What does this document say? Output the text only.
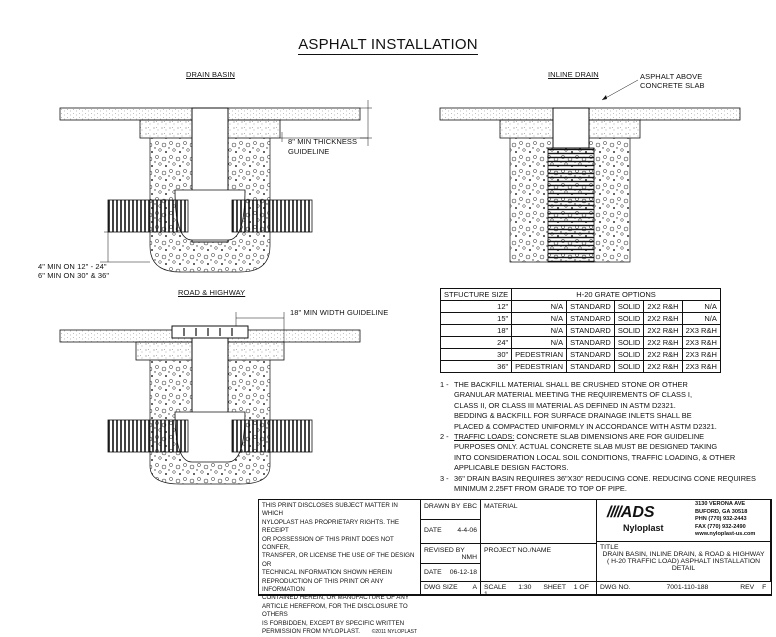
ASPHALT INSTALLATION
DRAIN BASIN
8" MIN THICKNESS
GUIDELINE
4" MIN ON 12" - 24"
6" MIN ON 30" & 36"
INLINE DRAIN	ASPHALT ABOVE
CONCRETE SLAB
ROAD & HIGHWAY
18" MIN WIDTH GUIDELINE
STFUCTURE SIZE	H-20 GRATE OPTIONS				
12"	N/A	STANDARD	SOLID	2X2 R&H	N/A
15"	N/A	STANDARD	SOLID	2X2 R&H	N/A
18"	N/A	STANDARD	SOLID	2X2 R&H	2X3 R&H
24"	N/A	STANDARD	SOLID	2X2 R&H	2X3 R&H
30"	PEDESTRIAN	STANDARD	SOLID	2X2 R&H	2X3 R&H
36"	PEDESTRIAN	STANDARD	SOLID	2X2 R&H	2X3 R&H
1 - THE BACKFILL MATERIAL SHALL BE CRUSHED STONE OR OTHER
GRANULAR MATERIAL MEETING THE REQUIREMENTS OF CLASS I,
CLASS II, OR CLASS III MATERIAL AS DEFINED IN ASTM D2321.
BEDDING & BACKFILL FOR SURFACE DRAINAGE INLETS SHALL BE
PLACED & COMPACTED UNIFORMLY IN ACCORDANCE WITH ASTM D2321.
2 - TRAFFIC LOADS: CONCRETE SLAB DIMENSIONS ARE FOR GUIDELINE
PURPOSES ONLY. ACTUAL CONCRETE SLAB MUST BE DESIGNED TAKING
INTO CONSIDERATION LOCAL SOIL CONDITIONS, TRAFFIC LOADING, & OTHER
APPLICABLE DESIGN FACTORS.
3 - 36" DRAIN BASIN REQUIRES 36"X30" REDUCING CONE. REDUCING CONE REQUIRES
MINIMUM 2.25FT FROM GRADE TO TOP OF PIPE.
THIS PRINT DISCLOSES SUBJECT MATTER IN WHICH
NYLOPLAST HAS PROPRIETARY RIGHTS. THE RECEIPT
OR POSSESSION OF THIS PRINT DOES NOT CONFER,
TRANSFER, OR LICENSE THE USE OF THE DESIGN OR
TECHNICAL INFORMATION SHOWN HEREIN
REPRODUCTION OF THIS PRINT OR ANY INFORMATION
CONTAINED HEREIN, OR MANUFACTURE OF ANY
ARTICLE HEREFROM, FOR THE DISCLOSURE TO OTHERS
IS FORBIDDEN, EXCEPT BY SPECIFIC WRITTEN
PERMISSION FROM NYLOPLAST. ©2011 NYLOPLAST
DRAWN BY EBC
DATE 4-4-06
REVISED BY
NMH
DATE 06-12-18
DWG SIZE A
MATERIAL
PROJECT NO./NAME
SCALE 1:30 SHEET 1 OF 1
////ADS
Nyloplast
3130 VERONA AVE
BUFORD, GA 30518
PHN (770) 932-2443
FAX (770) 932-2490
www.nyloplast-us.com
TITLE
DRAIN BASIN, INLINE DRAIN, & ROAD & HIGHWAY
( H-20 TRAFFIC LOAD) ASPHALT INSTALLATION DETAIL
DWG NO.	7001-110-188	REV F
